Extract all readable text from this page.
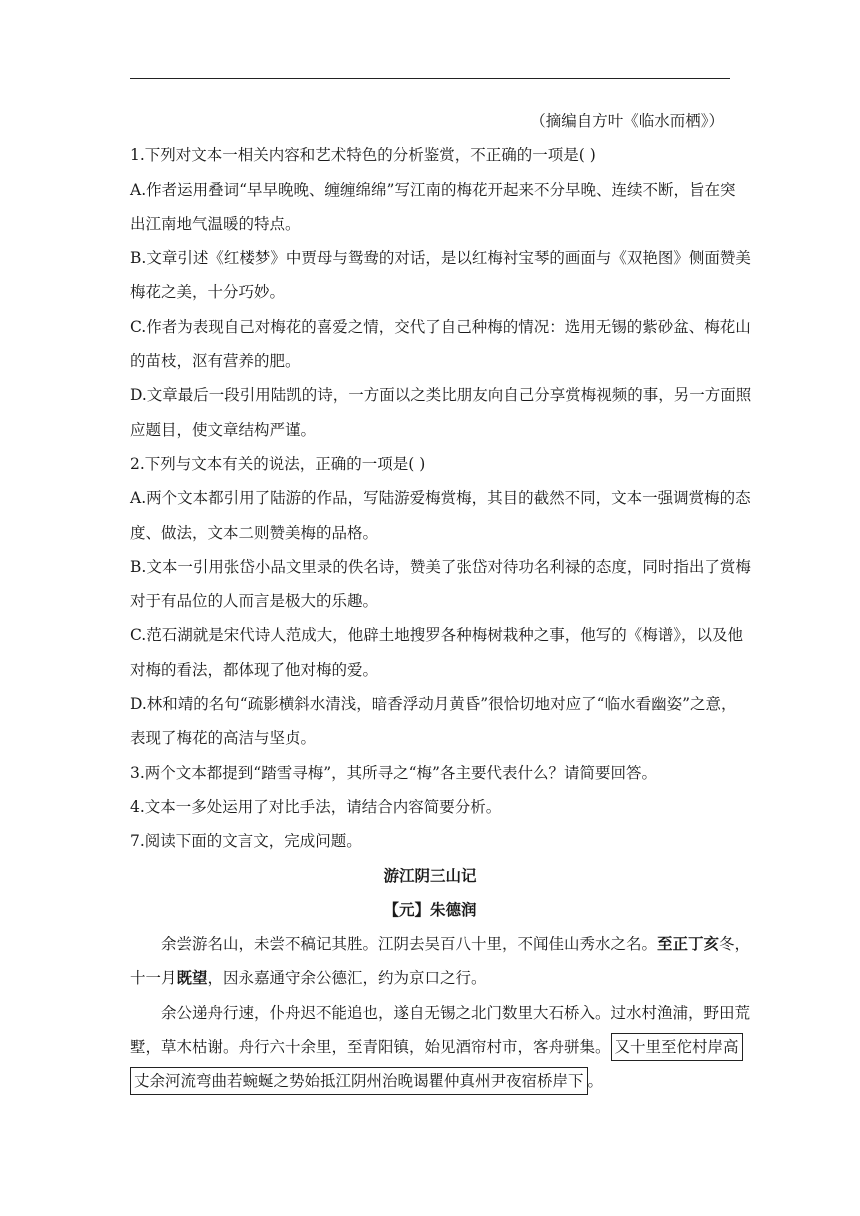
（摘编自方叶《临水而栖》）
1.下列对文本一相关内容和艺术特色的分析鉴赏，不正确的一项是( )
A.作者运用叠词“早早晚晚、缠缠绵绵”写江南的梅花开起来不分早晚、连续不断，旨在突
出江南地气温暖的特点。
B.文章引述《红楼梦》中贾母与鸳鸯的对话，是以红梅衬宝琴的画面与《双艳图》侧面赞美
梅花之美，十分巧妙。
C.作者为表现自己对梅花的喜爱之情，交代了自己种梅的情况：选用无锡的紫砂盆、梅花山
的苗枝，沤有营养的肥。
D.文章最后一段引用陆凯的诗，一方面以之类比朋友向自己分享赏梅视频的事，另一方面照
应题目，使文章结构严谨。
2.下列与文本有关的说法，正确的一项是( )
A.两个文本都引用了陆游的作品，写陆游爱梅赏梅，其目的截然不同，文本一强调赏梅的态
度、做法，文本二则赞美梅的品格。
B.文本一引用张岱小品文里录的佚名诗，赞美了张岱对待功名利禄的态度，同时指出了赏梅
对于有品位的人而言是极大的乐趣。
C.范石湖就是宋代诗人范成大，他辟土地搜罗各种梅树栽种之事，他写的《梅谱》，以及他
对梅的看法，都体现了他对梅的爱。
D.林和靖的名句“疏影横斜水清浅，暗香浮动月黄昏”很恰切地对应了“临水看幽姿”之意，
表现了梅花的高洁与坚贞。
3.两个文本都提到“踏雪寻梅”，其所寻之“梅”各主要代表什么？请简要回答。
4.文本一多处运用了对比手法，请结合内容简要分析。
7.阅读下面的文言文，完成问题。
游江阴三山记
【元】朱德润
余尝游名山，未尝不稿记其胜。江阴去吴百八十里，不闻佳山秀水之名。至正丁亥冬，
十一月既望，因永嘉通守余公德汇，约为京口之行。
余公递舟行速，仆舟迟不能追也，遂自无锡之北门数里大石桥入。过水村渔浦，野田荒
墅，草木枯谢。舟行六十余里，至青阳镇，始见酒帘村市，客舟骈集。 又十里至佗村岸高
丈余河流弯曲若蜿蜒之势始抵江阴州治晚谒瞿仲真州尹夜宿桥岸下 。
